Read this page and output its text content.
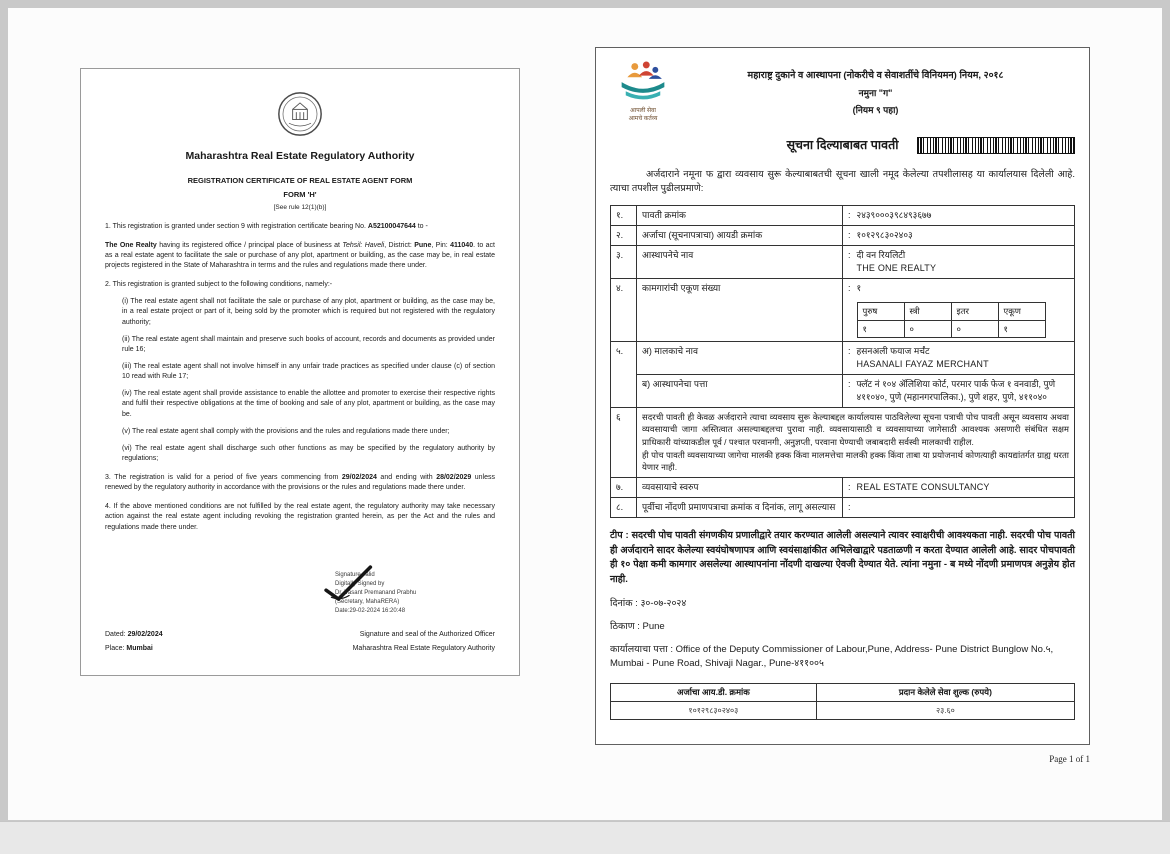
Maharashtra Real Estate Regulatory Authority
REGISTRATION CERTIFICATE OF REAL ESTATE AGENT FORM
FORM 'H'
[See rule 12(1)(b)]

1. This registration is granted under section 9 with registration certificate bearing No. A52100047644 to -

The One Realty having its registered office / principal place of business at Tehsil: Haveli, District: Pune, Pin: 411040. to act as a real estate agent to facilitate the sale or purchase of any plot, apartment or building, as the case may be, in real estate projects registered in the State of Maharashtra in terms and the rules and regulations made there under.

2. This registration is granted subject to the following conditions, namely:-

(i) The real estate agent shall not facilitate the sale or purchase of any plot, apartment or building, as the case may be, in a real estate project or part of it, being sold by the promoter which is required but not registered with the regulatory authority;

(ii) The real estate agent shall maintain and preserve such books of account, records and documents as provided under rule 16;

(iii) The real estate agent shall not involve himself in any unfair trade practices as specified under clause (c) of section 10 read with Rule 17;

(iv) The real estate agent shall provide assistance to enable the allottee and promoter to exercise their respective rights and fulfil their respective obligations at the time of booking and sale of any plot, apartment or building, as the case may be.

(v) The real estate agent shall comply with the provisions and the rules and regulations made there under;

(vi) The real estate agent shall discharge such other functions as may be specified by the regulatory authority by regulations;

3. The registration is valid for a period of five years commencing from 29/02/2024 and ending with 28/02/2029 unless renewed by the regulatory authority in accordance with the provisions or the rules and regulations made there under.

4. If the above mentioned conditions are not fulfilled by the real estate agent, the regulatory authority may take necessary action against the real estate agent including revoking the registration granted herein, as per the Act and the rules and regulations made there under.

Signature valid
Digitally Signed by
Dr. Vasant Premanand Prabhu
(Secretary, MahaRERA)
Date:29-02-2024 16:20:48
Dated: 29/02/2024	Signature and seal of the Authorized Officer
Place: Mumbai	Maharashtra Real Estate Regulatory Authority
आपली सेवा
आमचे कर्तव्य
महाराष्ट्र दुकाने व आस्थापना (नोकरीचे व सेवाशर्तीचे विनियमन) नियम, २०१८
नमुना "ग"
(नियम ९ पहा)
सूचना दिल्याबाबत पावती

अर्जदाराने नमूना फ द्वारा व्यवसाय सुरू केल्याबाबतची सूचना खाली नमूद केलेल्या तपशीलासह या कार्यालयास दिलेली आहे. त्याचा तपशील पुढीलप्रमाणे:

१.	पावती क्रमांक	: २४३९०००३९८४९३६७७

२.	अर्जाचा (सूचनापत्राचा) आयडी क्रमांक	: १०१२९८३०२४०३

३.	आस्थापनेचे नाव	: दी वन रियलिटी
THE ONE REALTY

४.	कामगारांची एकूण संख्या	: १
पुरुष	स्त्री	इतर	एकूण
१	०	०	१

५.	अ) मालकाचे नाव	: हसनअली फयाज मर्चंट
HASANALI FAYAZ MERCHANT

ब) आस्थापनेचा पत्ता	: फ्लॅट नं १०४ ॲलिशिया कोर्ट, परमार पार्क फेज १ वनवाडी, पुणे ४११०४०, पुणे (महानगरपालिका.), पुणे शहर, पुणे, ४११०४०

६	सदरची पावती ही केवळ अर्जदाराने त्याचा व्यवसाय सुरू केल्याबद्दल कार्यालयास पाठविलेल्या सूचना पत्राची पोच पावती असून व्यवसाय अथवा व्यवसायाची जागा अस्तित्वात असल्याबद्दलचा पुरावा नाही. व्यवसायासाठी व व्यवसायाच्या जागेसाठी आवश्यक असणारी संबंधित सक्षम प्राधिकारी यांच्याकडील पूर्व / पश्चात परवानगी, अनुज्ञप्ती, परवाना घेण्याची जबाबदारी सर्वस्वी मालकाची राहील.
ही पोच पावती व्यवसायाच्या जागेचा मालकी हक्क किंवा मालमत्तेचा मालकी हक्क किंवा ताबा या प्रयोजनार्थ कोणत्याही कायद्यांतर्गत ग्राह्य धरता येणार नाही.

७.	व्यवसायाचे स्वरुप	: REAL ESTATE CONSULTANCY

८.	पूर्वीचा नोंदणी प्रमाणपत्राचा क्रमांक व दिनांक, लागू असल्यास	:
टीप : सदरची पोच पावती संगणकीय प्रणालीद्वारे तयार करण्यात आलेली असल्याने त्यावर स्वाक्षरीची आवश्यकता नाही. सदरची पोच पावती ही अर्जदाराने सादर केलेल्या स्वयंघोषणापत्र आणि स्वयंसाक्षांकीत अभिलेखाद्वारे पडताळणी न करता देण्यात आलेली आहे. सादर पोचपावती ही १० पेक्षा कमी कामगार असलेल्या आस्थापनांना नोंदणी दाखल्या ऐवजी देण्यात येते. त्यांना नमुना - ब मध्ये नोंदणी प्रमाणपत्र अनुज्ञेय होत नाही.
दिनांक : ३०-०७-२०२४
ठिकाण : Pune
कार्यालयाचा पत्ता : Office of the Deputy Commissioner of Labour,Pune, Address- Pune District Bunglow No.५, Mumbai - Pune Road, Shivaji Nagar., Pune-४११००५
अर्जाचा आय.डी. क्रमांक	प्रदान केलेले सेवा शुल्क (रुपये)
१०१२९८३०२४०३	२३.६०
Page 1 of 1
